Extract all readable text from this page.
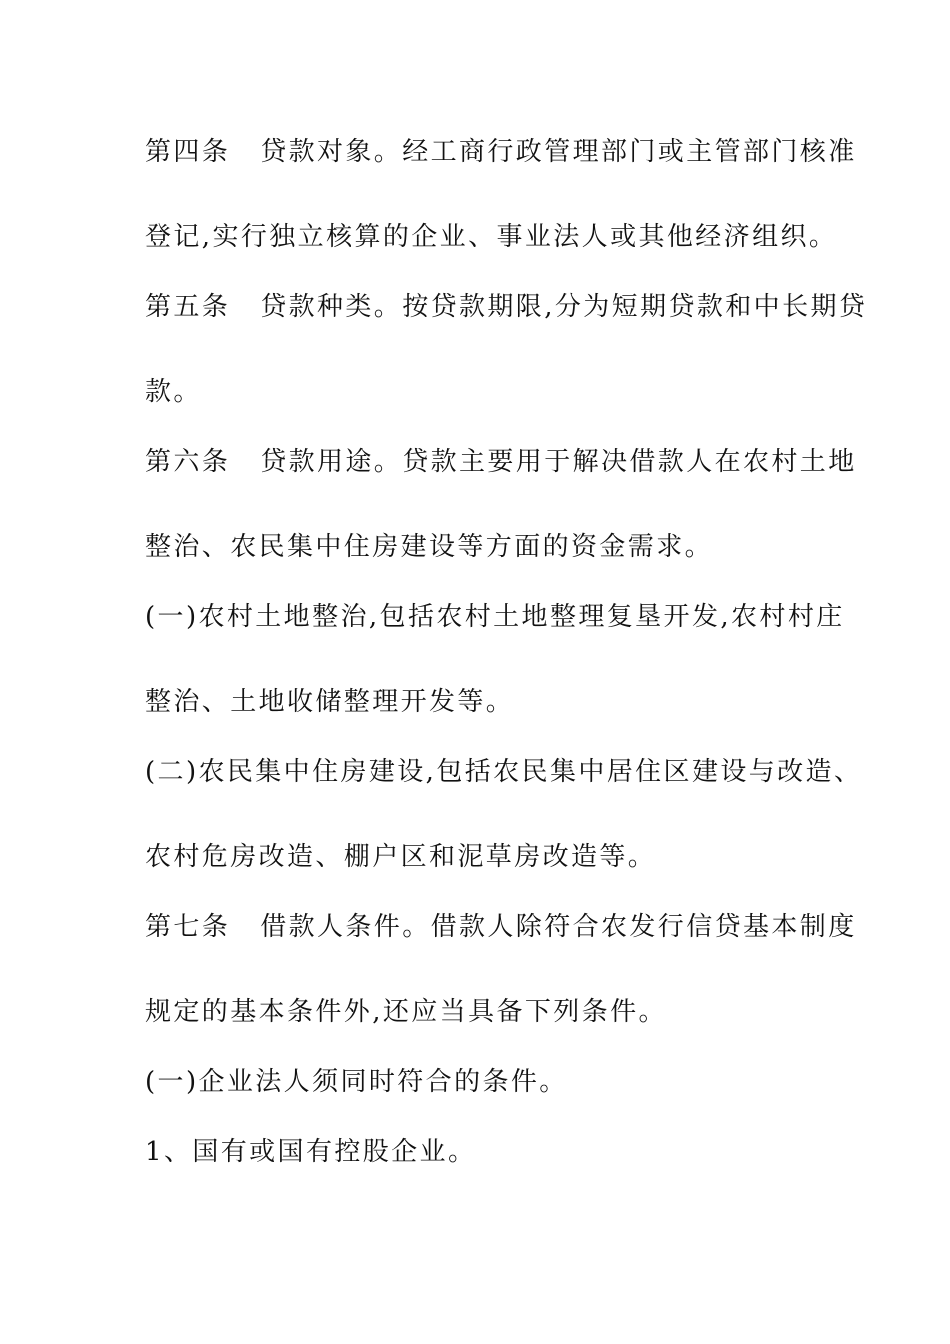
第四条 贷款对象。经工商行政管理部门或主管部门核准
登记,实行独立核算的企业、事业法人或其他经济组织。
第五条 贷款种类。按贷款期限,分为短期贷款和中长期贷
款。
第六条 贷款用途。贷款主要用于解决借款人在农村土地
整治、农民集中住房建设等方面的资金需求。
(一)农村土地整治,包括农村土地整理复垦开发,农村村庄
整治、土地收储整理开发等。
(二)农民集中住房建设,包括农民集中居住区建设与改造、
农村危房改造、棚户区和泥草房改造等。
第七条 借款人条件。借款人除符合农发行信贷基本制度
规定的基本条件外,还应当具备下列条件。
(一)企业法人须同时符合的条件。
1、国有或国有控股企业。
